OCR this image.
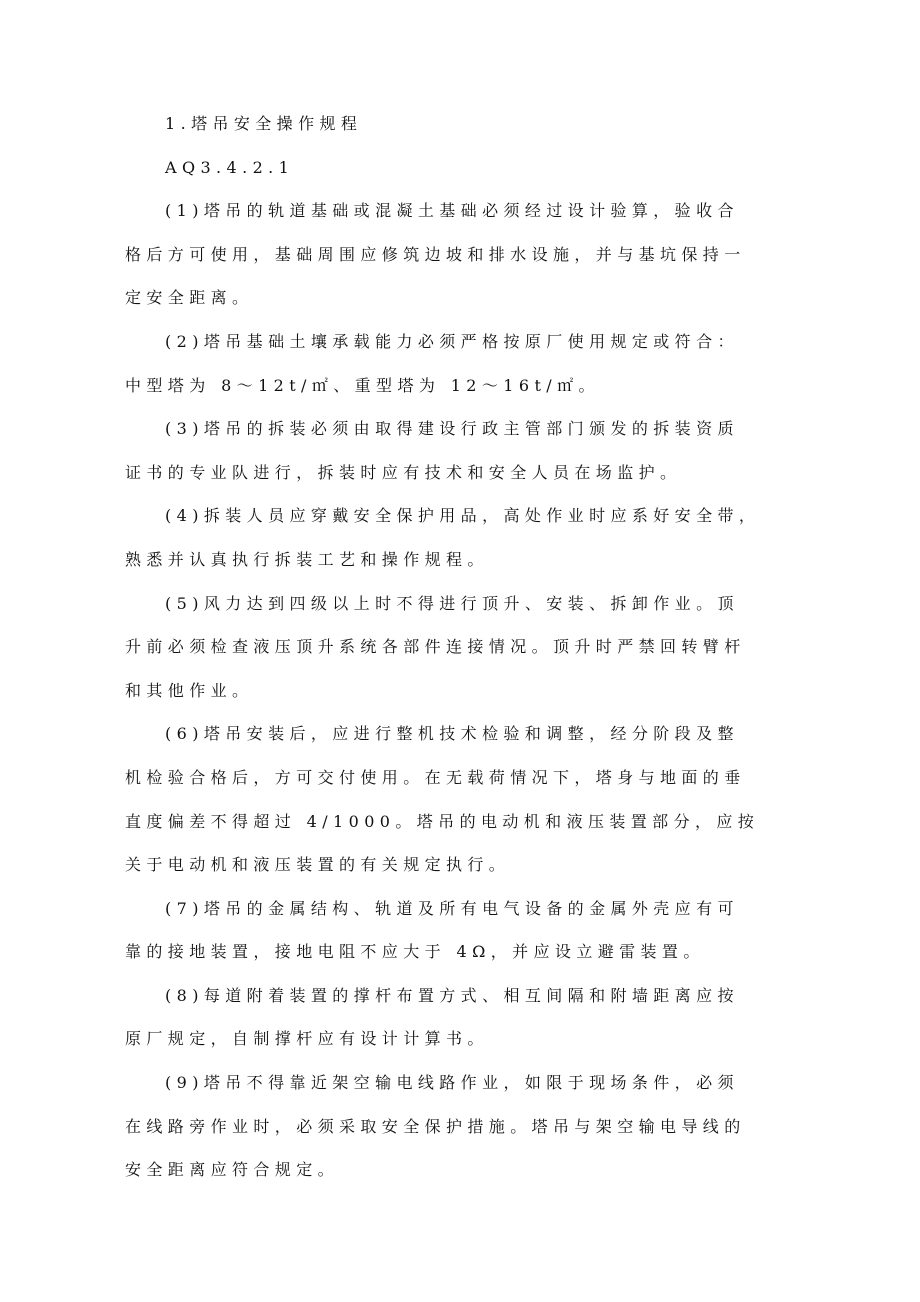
1.塔吊安全操作规程

AQ3.4.2.1

(1)塔吊的轨道基础或混凝土基础必须经过设计验算，验收合

格后方可使用，基础周围应修筑边坡和排水设施，并与基坑保持一

定安全距离。

(2)塔吊基础土壤承载能力必须严格按原厂使用规定或符合：

中型塔为 8～12t/㎡、重型塔为 12～16t/㎡。

(3)塔吊的拆装必须由取得建设行政主管部门颁发的拆装资质

证书的专业队进行，拆装时应有技术和安全人员在场监护。

(4)拆装人员应穿戴安全保护用品，高处作业时应系好安全带，

熟悉并认真执行拆装工艺和操作规程。

(5)风力达到四级以上时不得进行顶升、安装、拆卸作业。顶

升前必须检查液压顶升系统各部件连接情况。顶升时严禁回转臂杆

和其他作业。

(6)塔吊安装后，应进行整机技术检验和调整，经分阶段及整

机检验合格后，方可交付使用。在无载荷情况下，塔身与地面的垂

直度偏差不得超过 4/1000。塔吊的电动机和液压装置部分，应按

关于电动机和液压装置的有关规定执行。

(7)塔吊的金属结构、轨道及所有电气设备的金属外壳应有可

靠的接地装置，接地电阻不应大于 4Ω，并应设立避雷装置。

(8)每道附着装置的撑杆布置方式、相互间隔和附墙距离应按

原厂规定，自制撑杆应有设计计算书。

(9)塔吊不得靠近架空输电线路作业，如限于现场条件，必须

在线路旁作业时，必须采取安全保护措施。塔吊与架空输电导线的

安全距离应符合规定。
